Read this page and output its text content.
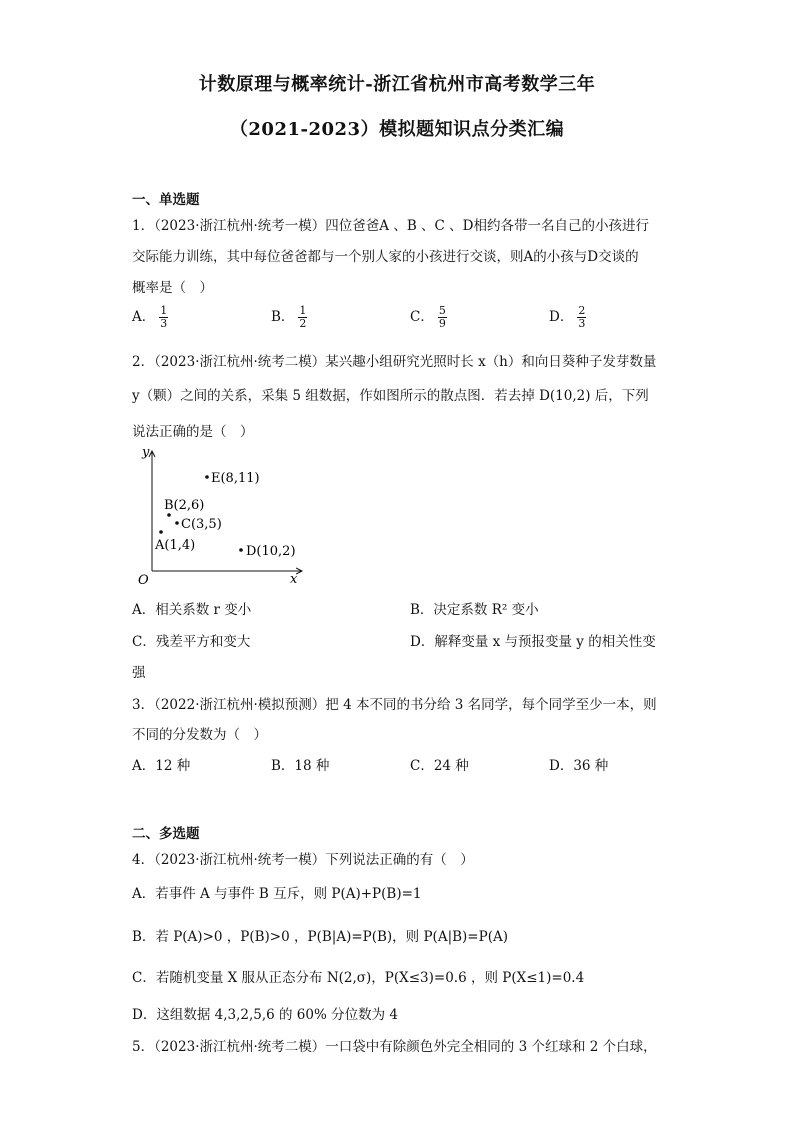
计数原理与概率统计-浙江省杭州市高考数学三年
（2021-2023）模拟题知识点分类汇编
一、单选题
1．（2023·浙江杭州·统考一模）四位爸爸A 、B 、C 、D相约各带一名自己的小孩进行
交际能力训练，其中每位爸爸都与一个别人家的小孩进行交谈，则A的小孩与D交谈的
概率是（　）
A． $\frac{1}{3}$	B． $\frac{1}{2}$	C． $\frac{5}{9}$	D． $\frac{2}{3}$
2．（2023·浙江杭州·统考二模）某兴趣小组研究光照时长 x（h）和向日葵种子发芽数量
y（颗）之间的关系，采集 5 组数据，作如图所示的散点图．若去掉 D(10,2) 后，下列
说法正确的是（　）
y
x
O
E(8,11)
B(2,6)
C(3,5)
A(1,4)	D(10,2)
A．相关系数 r 变小	B．决定系数 R² 变小
C．残差平方和变大	D．解释变量 x 与预报变量 y 的相关性变
强
3．（2022·浙江杭州·模拟预测）把 4 本不同的书分给 3 名同学，每个同学至少一本，则
不同的分发数为（　）
A．12 种	B．18 种	C．24 种	D．36 种
二、多选题
4．（2023·浙江杭州·统考一模）下列说法正确的有（　）
A．若事件 A 与事件 B 互斥，则 P(A)+P(B)=1
B．若 P(A)>0 ，P(B)>0 ，P(B|A)=P(B)，则 P(A|B)=P(A)
C．若随机变量 X 服从正态分布 N(2,σ)，P(X≤3)=0.6 ，则 P(X≤1)=0.4
D．这组数据 4,3,2,5,6 的 60% 分位数为 4
5．（2023·浙江杭州·统考二模）一口袋中有除颜色外完全相同的 3 个红球和 2 个白球，
